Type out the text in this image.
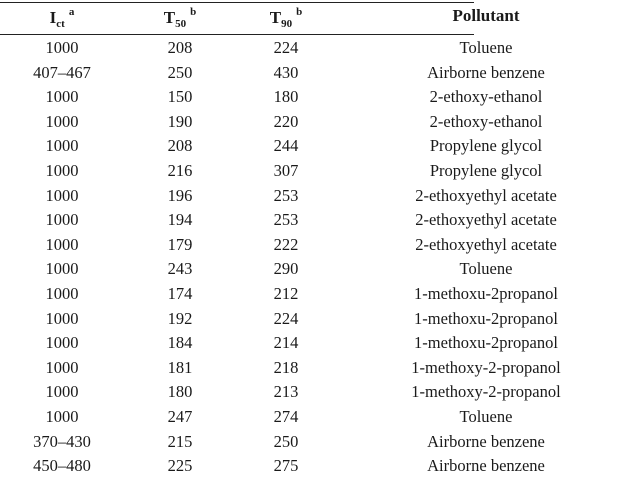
$I_{ct}^a$	$T_{50}^b$	$T_{90}^b$	Pollutant
1000	208	224	Toluene
407–467	250	430	Airborne benzene
1000	150	180	2-ethoxy-ethanol
1000	190	220	2-ethoxy-ethanol
1000	208	244	Propylene glycol
1000	216	307	Propylene glycol
1000	196	253	2-ethoxyethyl acetate
1000	194	253	2-ethoxyethyl acetate
1000	179	222	2-ethoxyethyl acetate
1000	243	290	Toluene
1000	174	212	1-methoxu-2propanol
1000	192	224	1-methoxu-2propanol
1000	184	214	1-methoxu-2propanol
1000	181	218	1-methoxy-2-propanol
1000	180	213	1-methoxy-2-propanol
1000	247	274	Toluene
370–430	215	250	Airborne benzene
450–480	225	275	Airborne benzene
